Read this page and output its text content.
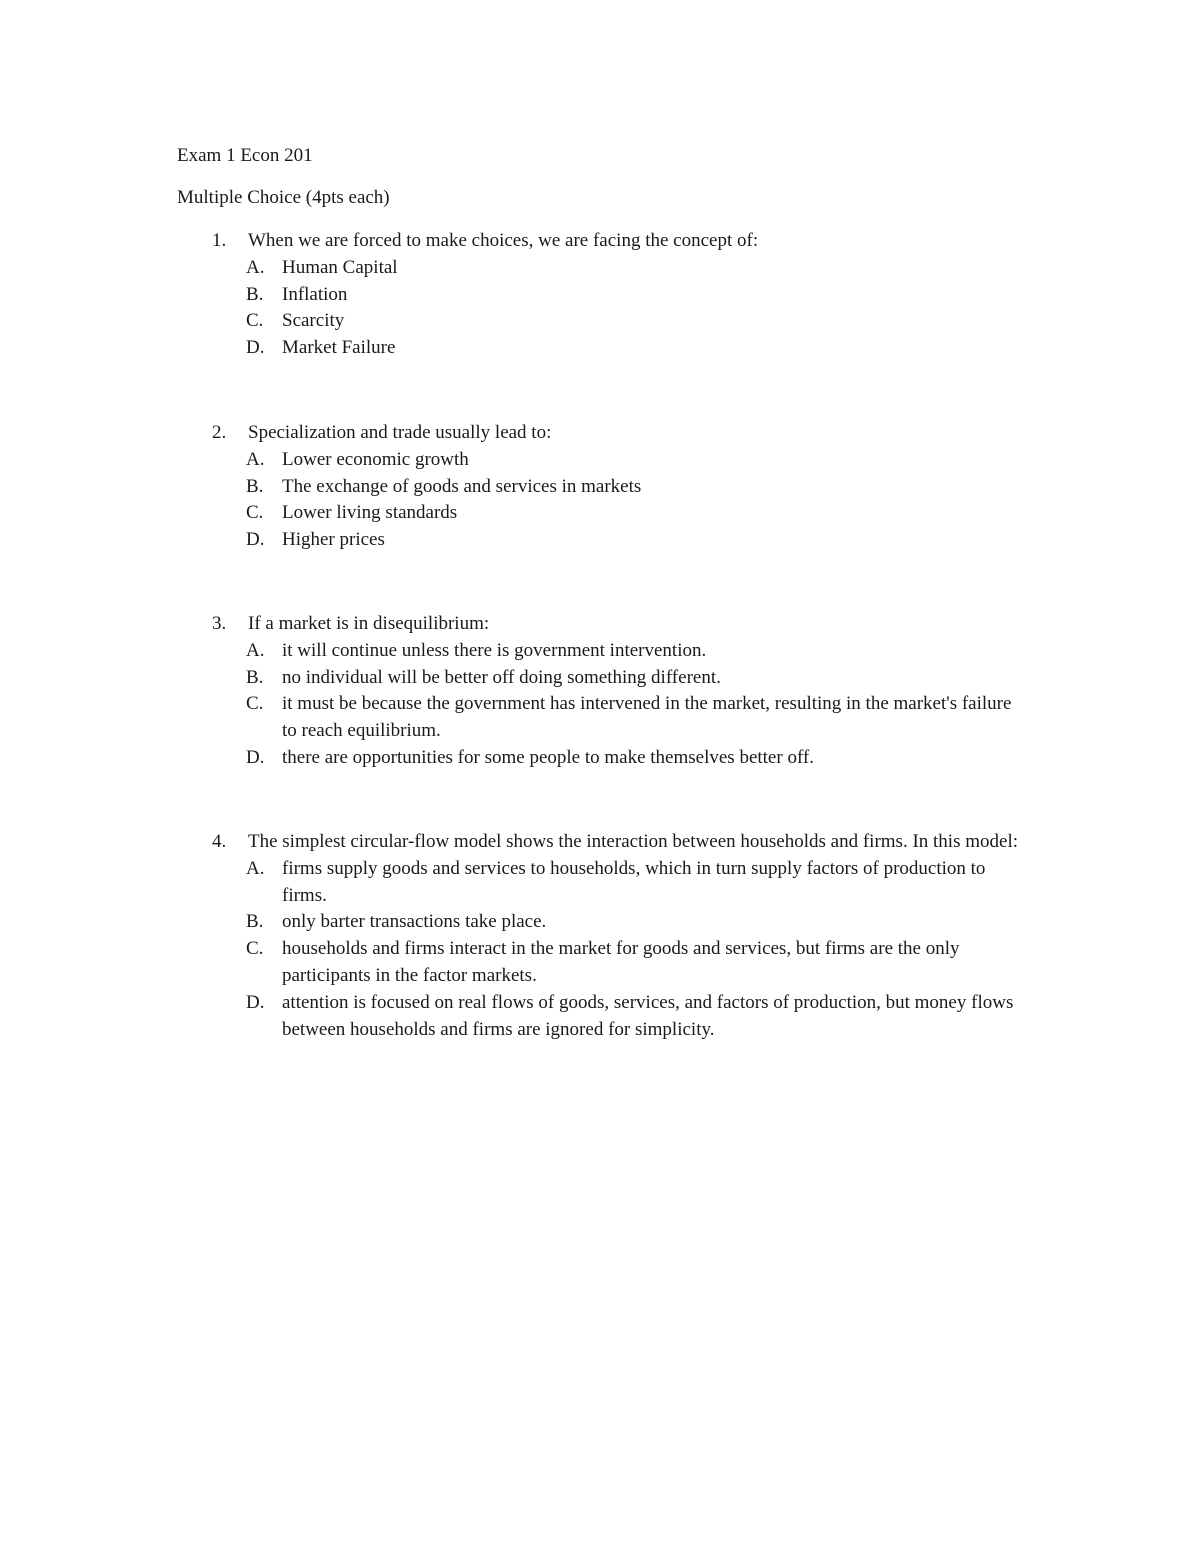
Exam 1 Econ 201
Multiple Choice (4pts each)
1. When we are forced to make choices, we are facing the concept of:
A. Human Capital
B. Inflation
C. Scarcity
D. Market Failure
2. Specialization and trade usually lead to:
A. Lower economic growth
B. The exchange of goods and services in markets
C. Lower living standards
D. Higher prices
3. If a market is in disequilibrium:
A. it will continue unless there is government intervention.
B. no individual will be better off doing something different.
C. it must be because the government has intervened in the market, resulting in the market's failure to reach equilibrium.
D. there are opportunities for some people to make themselves better off.
4. The simplest circular-flow model shows the interaction between households and firms. In this model:
A. firms supply goods and services to households, which in turn supply factors of production to firms.
B. only barter transactions take place.
C. households and firms interact in the market for goods and services, but firms are the only participants in the factor markets.
D. attention is focused on real flows of goods, services, and factors of production, but money flows between households and firms are ignored for simplicity.
